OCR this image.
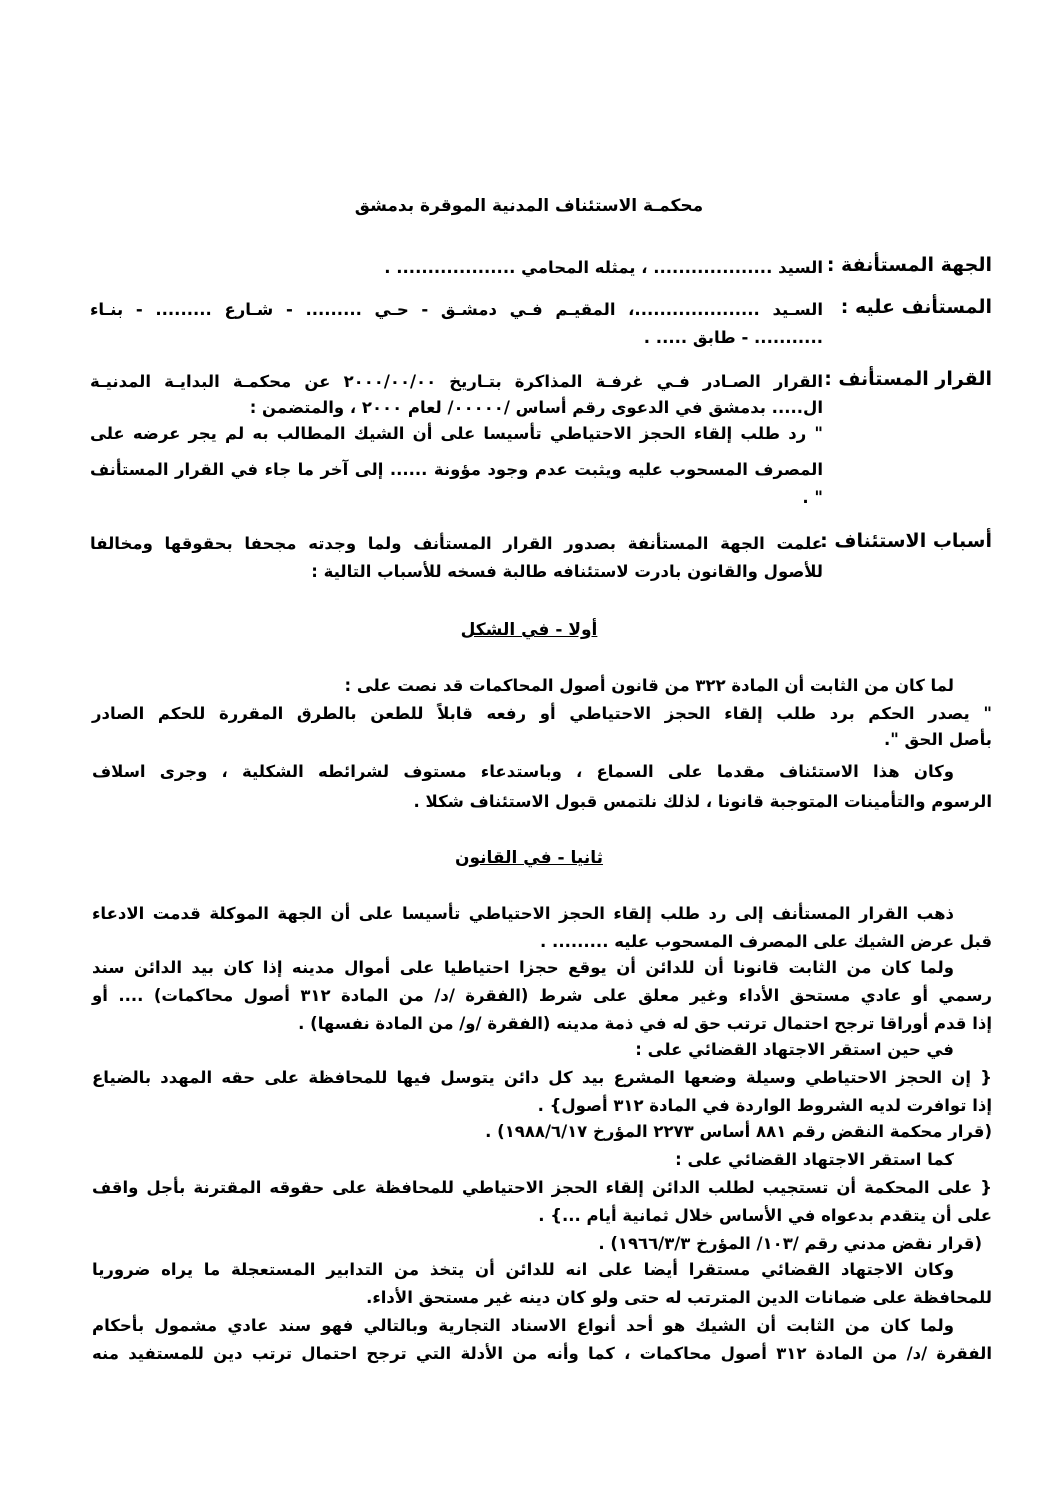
محكمـة الاستئناف المدنية الموقرة بدمشق

الجهة المستأنفة :

السيد ................... ، يمثله المحامي ................... .

المستأنف عليه :

السـيد ....................، المقيـم فـي دمشـق - حـي ......... - شـارع ......... - بنـاء

........... - طابق ..... .

القرار المستأنف :

القرار الصـادر فـي غرفـة المذاكرة بتـاريخ ٢٠٠٠/٠٠/٠٠ عن محكمـة البدايـة المدنيـة

ال..... بدمشق في الدعوى رقم أساس /٠٠٠٠٠/ لعام ٢٠٠٠ ، والمتضمن :

" رد طلب إلقاء الحجز الاحتياطي تأسيسا على أن الشيك المطالب به لم يجر عرضه على

المصرف المسحوب عليه ويثبت عدم وجود مؤونة ...... إلى آخر ما جاء في القرار المستأنف

" .

أسباب الاستئناف :

علمت الجهة المستأنفة بصدور القرار المستأنف ولما وجدته مجحفا بحقوقها ومخالفا

للأصول والقانون بادرت لاستئنافه طالبة فسخه للأسباب التالية :

أولا - في الشكل

لما كان من الثابت أن المادة ٣٢٢ من قانون أصول المحاكمات قد نصت على :

" يصدر الحكم برد طلب إلقاء الحجز الاحتياطي أو رفعه قابلاً للطعن بالطرق المقررة للحكم الصادر

بأصل الحق ".

وكان هذا الاستئناف مقدما على السماع ، وباستدعاء مستوف لشرائطه الشكلية ، وجرى اسلاف

الرسوم والتأمينات المتوجبة قانونا ، لذلك نلتمس قبول الاستئناف شكلا .

ثانيا - في القانون

ذهب القرار المستأنف إلى رد طلب إلقاء الحجز الاحتياطي تأسيسا على أن الجهة الموكلة قدمت الادعاء

قبل عرض الشيك على المصرف المسحوب عليه ......... .

ولما كان من الثابت قانونا أن للدائن أن يوقع حجزا احتياطيا على أموال مدينه إذا كان بيد الدائن سند

رسمي أو عادي مستحق الأداء وغير معلق على شرط (الفقرة /د/ من المادة ٣١٢ أصول محاكمات) .... أو

إذا قدم أوراقا ترجح احتمال ترتب حق له في ذمة مدينه (الفقرة /و/ من المادة نفسها) .

في حين استقر الاجتهاد القضائي على :

{ إن الحجز الاحتياطي وسيلة وضعها المشرع بيد كل دائن يتوسل فيها للمحافظة على حقه المهدد بالضياع

إذا توافرت لديه الشروط الواردة في المادة ٣١٢ أصول} .

(قرار محكمة النقض رقم ٨٨١ أساس ٢٢٧٣ المؤرخ ١٩٨٨/٦/١٧) .

كما استقر الاجتهاد القضائي على :

{ على المحكمة أن تستجيب لطلب الدائن إلقاء الحجز الاحتياطي للمحافظة على حقوقه المقترنة بأجل واقف

على أن يتقدم بدعواه في الأساس خلال ثمانية أيام ...} .

(قرار نقض مدني رقم /١٠٣/ المؤرخ ١٩٦٦/٣/٣) .

وكان الاجتهاد القضائي مستقرا أيضا على انه للدائن أن يتخذ من التدابير المستعجلة ما يراه ضروريا

للمحافظة على ضمانات الدين المترتب له حتى ولو كان دينه غير مستحق الأداء.

ولما كان من الثابت أن الشيك هو أحد أنواع الاسناد التجارية وبالتالي فهو سند عادي مشمول بأحكام

الفقرة /د/ من المادة ٣١٢ أصول محاكمات ، كما وأنه من الأدلة التي ترجح احتمال ترتب دين للمستفيد منه
